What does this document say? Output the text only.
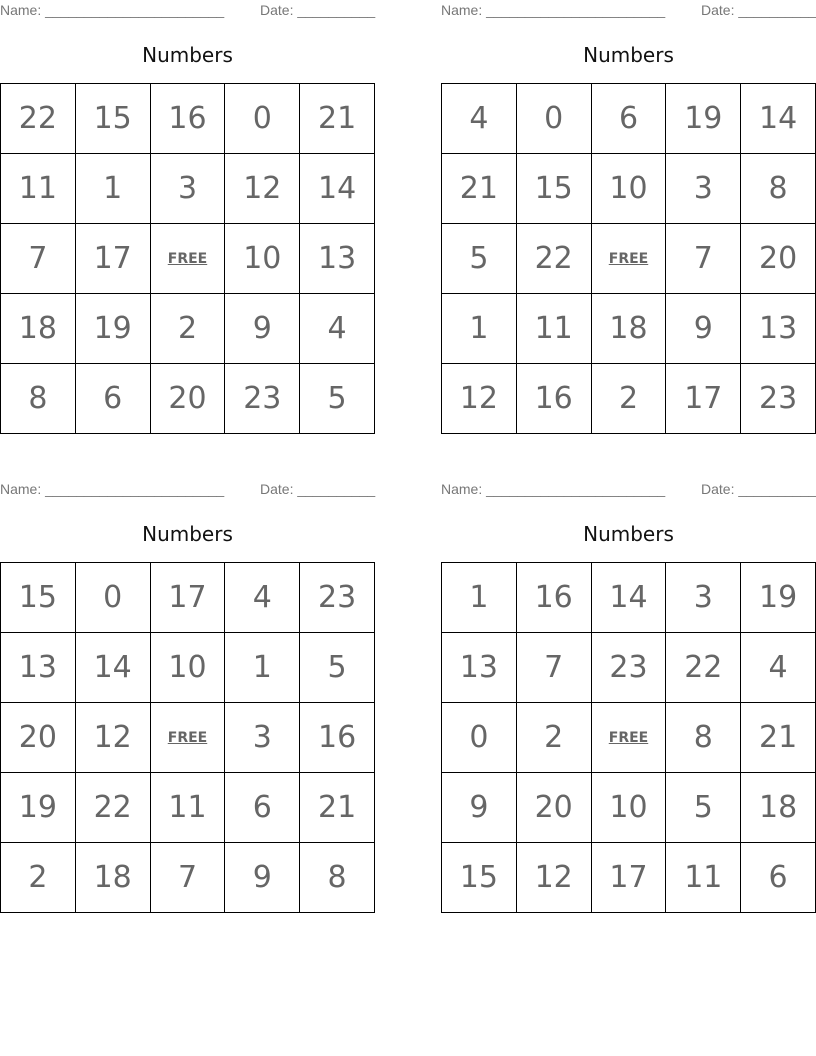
Name: _______________________	Date: __________
Numbers
22	15	16	0	21
11	1	3	12	14
7	17	FREE	10	13
18	19	2	9	4
8	6	20	23	5
Name: _______________________	Date: __________
Numbers
4	0	6	19	14
21	15	10	3	8
5	22	FREE	7	20
1	11	18	9	13
12	16	2	17	23
Name: _______________________	Date: __________
Numbers
15	0	17	4	23
13	14	10	1	5
20	12	FREE	3	16
19	22	11	6	21
2	18	7	9	8
Name: _______________________	Date: __________
Numbers
1	16	14	3	19
13	7	23	22	4
0	2	FREE	8	21
9	20	10	5	18
15	12	17	11	6
